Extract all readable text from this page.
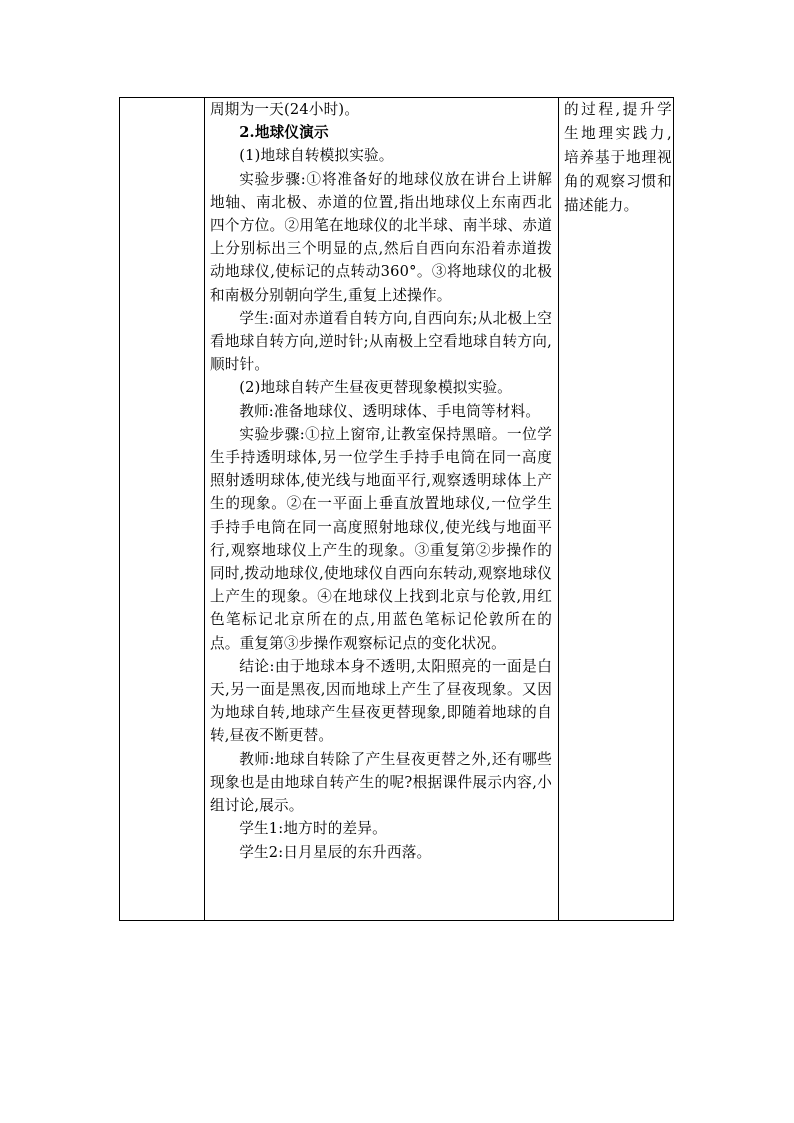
周期为一天(24小时)。

2.地球仪演示

(1)地球自转模拟实验。

实验步骤:①将准备好的地球仪放在讲台上讲解地轴、南北极、赤道的位置,指出地球仪上东南西北四个方位。②用笔在地球仪的北半球、南半球、赤道上分别标出三个明显的点,然后自西向东沿着赤道拨动地球仪,使标记的点转动360°。③将地球仪的北极和南极分别朝向学生,重复上述操作。

学生:面对赤道看自转方向,自西向东;从北极上空看地球自转方向,逆时针;从南极上空看地球自转方向,顺时针。

(2)地球自转产生昼夜更替现象模拟实验。

教师:准备地球仪、透明球体、手电筒等材料。

实验步骤:①拉上窗帘,让教室保持黑暗。一位学生手持透明球体,另一位学生手持手电筒在同一高度照射透明球体,使光线与地面平行,观察透明球体上产生的现象。②在一平面上垂直放置地球仪,一位学生手持手电筒在同一高度照射地球仪,使光线与地面平行,观察地球仪上产生的现象。③重复第②步操作的同时,拨动地球仪,使地球仪自西向东转动,观察地球仪上产生的现象。④在地球仪上找到北京与伦敦,用红色笔标记北京所在的点,用蓝色笔标记伦敦所在的点。重复第③步操作观察标记点的变化状况。

结论:由于地球本身不透明,太阳照亮的一面是白天,另一面是黑夜,因而地球上产生了昼夜现象。又因为地球自转,地球产生昼夜更替现象,即随着地球的自转,昼夜不断更替。

教师:地球自转除了产生昼夜更替之外,还有哪些现象也是由地球自转产生的呢?根据课件展示内容,小组讨论,展示。

学生1:地方时的差异。

学生2:日月星辰的东升西落。

的过程,提升学生地理实践力,培养基于地理视角的观察习惯和描述能力。
